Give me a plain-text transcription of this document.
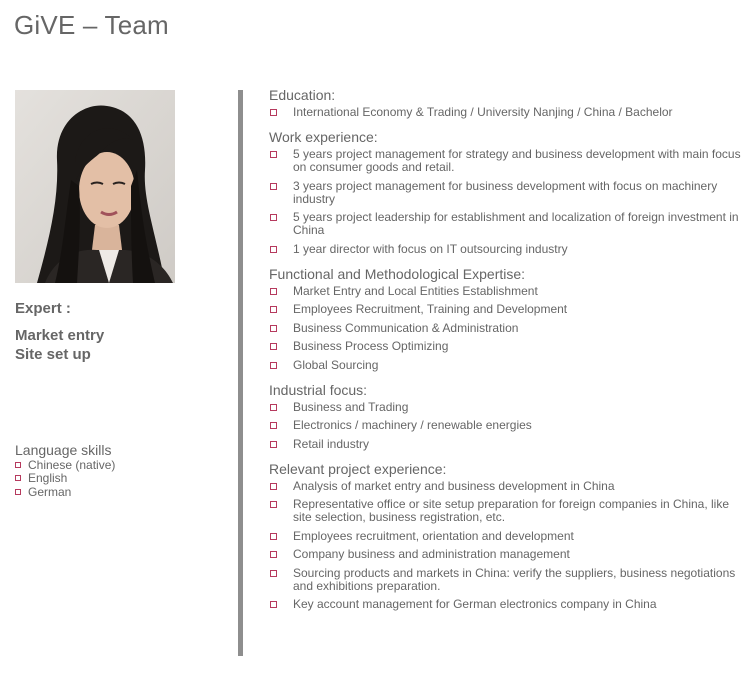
GiVE – Team
Expert :
Market entry
Site set up
Language skills
Chinese (native)
English
German
Education:
International Economy & Trading / University Nanjing / China / Bachelor
Work experience:
5 years project management for strategy and business development with main focus on consumer goods and retail.
3 years project management for business development with focus on machinery industry
5 years project leadership for establishment and localization of foreign investment in China
1 year director with focus on IT outsourcing industry
Functional and Methodological Expertise:
Market Entry and Local Entities Establishment
Employees Recruitment, Training and Development
Business Communication & Administration
Business Process Optimizing
Global Sourcing
Industrial focus:
Business and Trading
Electronics / machinery / renewable energies
Retail industry
Relevant project experience:
Analysis of market entry and business development in China
Representative office or site setup preparation for foreign companies in China, like site selection, business registration, etc.
Employees recruitment, orientation and development
Company business and administration management
Sourcing products and markets in China: verify the suppliers, business negotiations and exhibitions preparation.
Key account management for German electronics company in China
